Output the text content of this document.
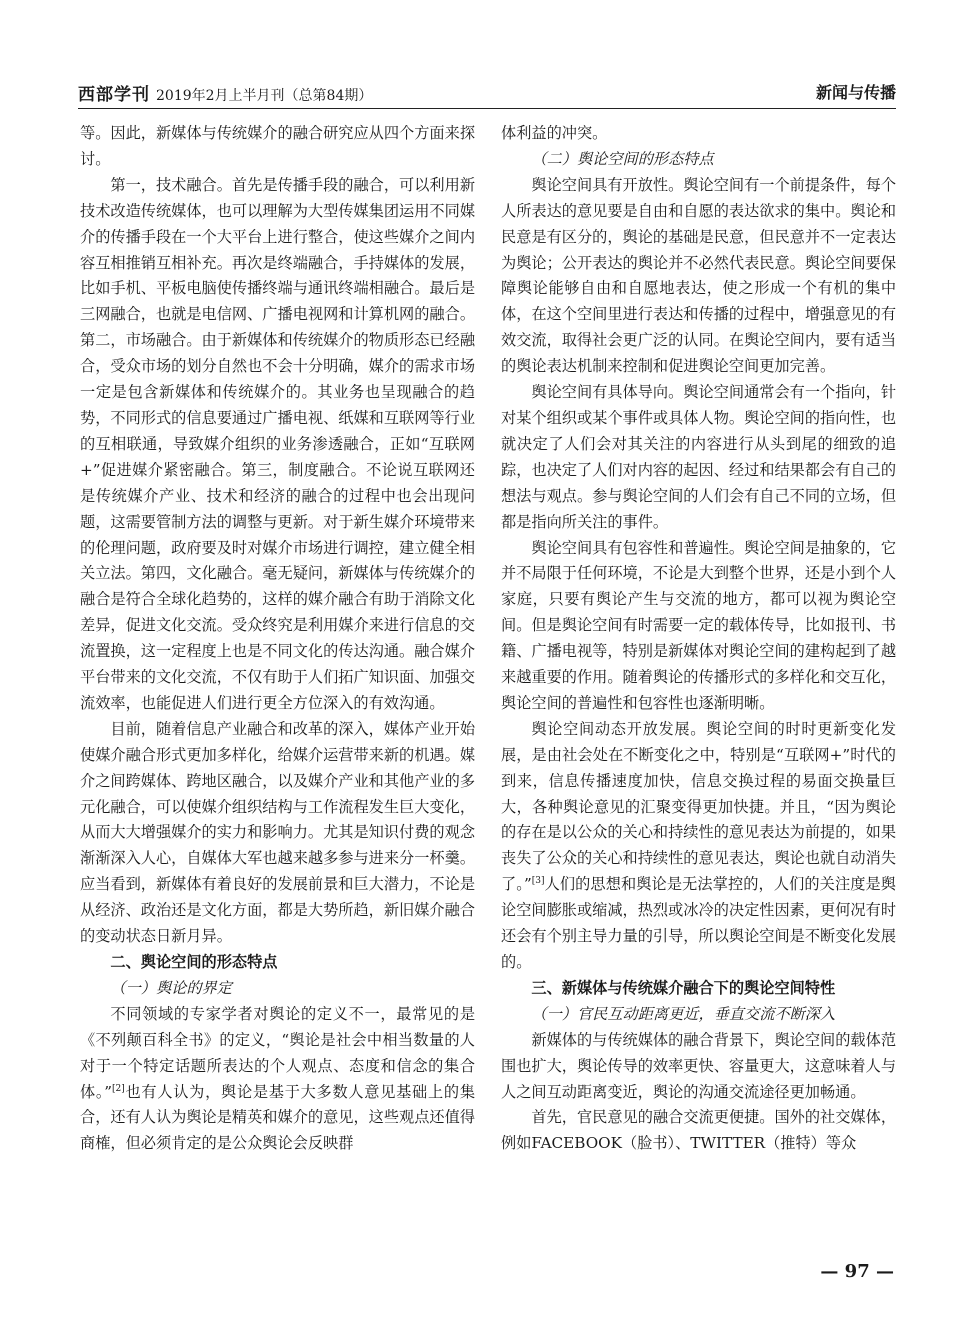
西部学刊 2019年2月上半月刊（总第84期）	新闻与传播

等。因此，新媒体与传统媒介的融合研究应从四个方面来探讨。

第一，技术融合。首先是传播手段的融合，可以利用新技术改造传统媒体，也可以理解为大型传媒集团运用不同媒介的传播手段在一个大平台上进行整合，使这些媒介之间内容互相推销互相补充。再次是终端融合，手持媒体的发展，比如手机、平板电脑使传播终端与通讯终端相融合。最后是三网融合，也就是电信网、广播电视网和计算机网的融合。第二，市场融合。由于新媒体和传统媒介的物质形态已经融合，受众市场的划分自然也不会十分明确，媒介的需求市场一定是包含新媒体和传统媒介的。其业务也呈现融合的趋势，不同形式的信息要通过广播电视、纸媒和互联网等行业的互相联通，导致媒介组织的业务渗透融合，正如“互联网+”促进媒介紧密融合。第三，制度融合。不论说互联网还是传统媒介产业、技术和经济的融合的过程中也会出现问题，这需要管制方法的调整与更新。对于新生媒介环境带来的伦理问题，政府要及时对媒介市场进行调控，建立健全相关立法。第四，文化融合。毫无疑问，新媒体与传统媒介的融合是符合全球化趋势的，这样的媒介融合有助于消除文化差异，促进文化交流。受众终究是利用媒介来进行信息的交流置换，这一定程度上也是不同文化的传达沟通。融合媒介平台带来的文化交流，不仅有助于人们拓广知识面、加强交流效率，也能促进人们进行更全方位深入的有效沟通。

目前，随着信息产业融合和改革的深入，媒体产业开始使媒介融合形式更加多样化，给媒介运营带来新的机遇。媒介之间跨媒体、跨地区融合，以及媒介产业和其他产业的多元化融合，可以使媒介组织结构与工作流程发生巨大变化，从而大大增强媒介的实力和影响力。尤其是知识付费的观念渐渐深入人心，自媒体大军也越来越多参与进来分一杯羹。应当看到，新媒体有着良好的发展前景和巨大潜力，不论是从经济、政治还是文化方面，都是大势所趋，新旧媒介融合的变动状态日新月异。

二、舆论空间的形态特点

（一）舆论的界定

不同领域的专家学者对舆论的定义不一，最常见的是《不列颠百科全书》的定义，“舆论是社会中相当数量的人对于一个特定话题所表达的个人观点、态度和信念的集合体。”[2]也有人认为，舆论是基于大多数人意见基础上的集合，还有人认为舆论是精英和媒介的意见，这些观点还值得商榷，但必须肯定的是公众舆论会反映群

体利益的冲突。

（二）舆论空间的形态特点

舆论空间具有开放性。舆论空间有一个前提条件，每个人所表达的意见要是自由和自愿的表达欲求的集中。舆论和民意是有区分的，舆论的基础是民意，但民意并不一定表达为舆论；公开表达的舆论并不必然代表民意。舆论空间要保障舆论能够自由和自愿地表达，使之形成一个有机的集中体，在这个空间里进行表达和传播的过程中，增强意见的有效交流，取得社会更广泛的认同。在舆论空间内，要有适当的舆论表达机制来控制和促进舆论空间更加完善。

舆论空间有具体导向。舆论空间通常会有一个指向，针对某个组织或某个事件或具体人物。舆论空间的指向性，也就决定了人们会对其关注的内容进行从头到尾的细致的追踪，也决定了人们对内容的起因、经过和结果都会有自己的想法与观点。参与舆论空间的人们会有自己不同的立场，但都是指向所关注的事件。

舆论空间具有包容性和普遍性。舆论空间是抽象的，它并不局限于任何环境，不论是大到整个世界，还是小到个人家庭，只要有舆论产生与交流的地方，都可以视为舆论空间。但是舆论空间有时需要一定的载体传导，比如报刊、书籍、广播电视等，特别是新媒体对舆论空间的建构起到了越来越重要的作用。随着舆论的传播形式的多样化和交互化，舆论空间的普遍性和包容性也逐渐明晰。

舆论空间动态开放发展。舆论空间的时时更新变化发展，是由社会处在不断变化之中，特别是“互联网+”时代的到来，信息传播速度加快，信息交换过程的易面交换量巨大，各种舆论意见的汇聚变得更加快捷。并且，“因为舆论的存在是以公众的关心和持续性的意见表达为前提的，如果丧失了公众的关心和持续性的意见表达，舆论也就自动消失了。”[3]人们的思想和舆论是无法掌控的，人们的关注度是舆论空间膨胀或缩减，热烈或冰冷的决定性因素，更何况有时还会有个别主导力量的引导，所以舆论空间是不断变化发展的。

三、新媒体与传统媒介融合下的舆论空间特性

（一）官民互动距离更近，垂直交流不断深入

新媒体的与传统媒体的融合背景下，舆论空间的载体范围也扩大，舆论传导的效率更快、容量更大，这意味着人与人之间互动距离变近，舆论的沟通交流途径更加畅通。

首先，官民意见的融合交流更便捷。国外的社交媒体，例如FACEBOOK（脸书）、TWITTER（推特）等众

— 97 —
